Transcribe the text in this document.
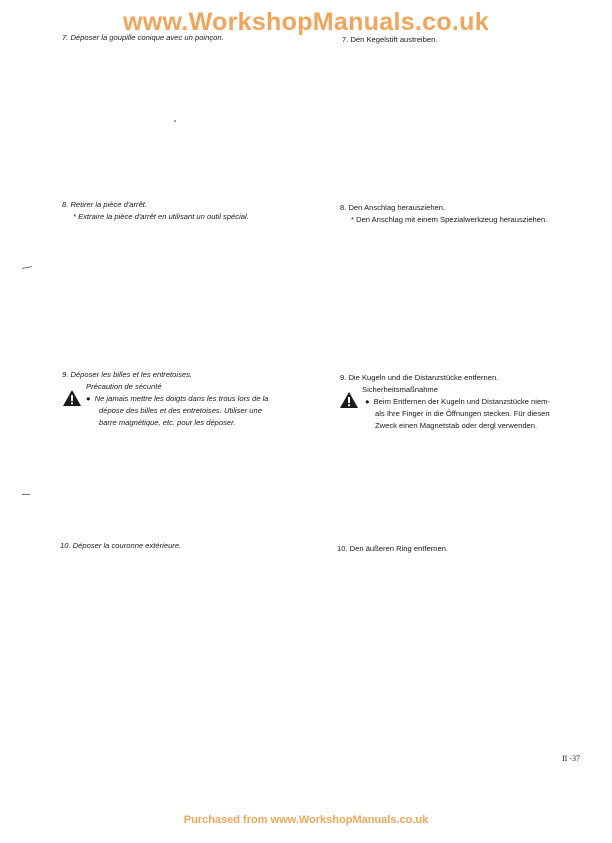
www.WorkshopManuals.co.uk
Purchased from www.WorkshopManuals.co.uk
7. Déposer la goupille conique avec un poinçon.	7. Den Kegelstift austreiben.
8. Retirer la pièce d'arrêt.
* Extraire la pièce d'arrêt en utilisant un outil spécial.
8. Den Anschlag herausziehen.
* Den Anschlag mit einem Spezialwerkzeug herausziehen.
9. Déposer les billes et les entretoises.
Précaution de sécurité
● Ne jamais mettre les doigts dans les trous lors de la
dépose des billes et des entretoises. Utiliser une
barre magnétique, etc. pour les déposer.
9. Die Kugeln und die Distanzstücke entfernen.
Sicherheitsmaßnahme
● Beim Entfernen der Kugeln und Distanzstücke niem-
als Ihre Finger in die Öffnungen stecken. Für diesen
Zweck einen Magnetstab oder dergl verwenden.
10. Déposer la couronne extérieure.	10. Den äußeren Ring entfernen.
II -37
